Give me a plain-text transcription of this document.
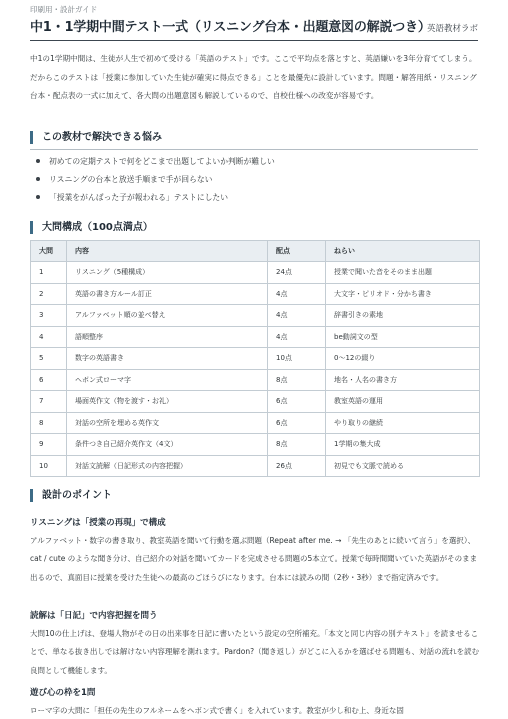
印刷用・設計ガイド
中1・1学期中間テスト一式（リスニング台本・出題意図の解説つき）
英語教材ラボ
中1の1学期中間は、生徒が人生で初めて受ける「英語のテスト」です。ここで平均点を落とすと、英語嫌いを3年分育ててしまう。だからこのテストは「授業に参加していた生徒が確実に得点できる」ことを最優先に設計しています。問題・解答用紙・リスニング台本・配点表の一式に加えて、各大問の出題意図も解説しているので、自校仕様への改変が容易です。
この教材で解決できる悩み
初めての定期テストで何をどこまで出題してよいか判断が難しい
リスニングの台本と放送手順まで手が回らない
「授業をがんばった子が報われる」テストにしたい
大問構成（100点満点）
大問	内容	配点	ねらい
1	リスニング（5種構成）	24点	授業で聞いた音をそのまま出題
2	英語の書き方ルール訂正	4点	大文字・ピリオド・分かち書き
3	アルファベット順の並べ替え	4点	辞書引きの素地
4	語順整序	4点	be動詞文の型
5	数字の英語書き	10点	0〜12の綴り
6	ヘボン式ローマ字	8点	地名・人名の書き方
7	場面英作文（物を渡す・お礼）	6点	教室英語の運用
8	対話の空所を埋める英作文	6点	やり取りの継続
9	条件つき自己紹介英作文（4文）	8点	1学期の集大成
10	対話文読解（日記形式の内容把握）	26点	初見でも文脈で読める
設計のポイント
リスニングは「授業の再現」で構成
アルファベット・数字の書き取り、教室英語を聞いて行動を選ぶ問題（Repeat after me. → 「先生のあとに続いて言う」を選択）、cat / cute のような聞き分け、自己紹介の対話を聞いてカードを完成させる問題の5本立て。授業で毎時間聞いていた英語がそのまま出るので、真面目に授業を受けた生徒への最高のごほうびになります。台本には読みの間（2秒・3秒）まで指定済みです。
読解は「日記」で内容把握を問う
大問10の仕上げは、登場人物がその日の出来事を日記に書いたという設定の空所補充。「本文と同じ内容の別テキスト」を読ませることで、単なる抜き出しでは解けない内容理解を測れます。Pardon?（聞き返し）がどこに入るかを選ばせる問題も、対話の流れを読む良問として機能します。
遊び心の枠を1問
ローマ字の大問に「担任の先生のフルネームをヘボン式で書く」を入れています。教室が少し和む上、身近な固
